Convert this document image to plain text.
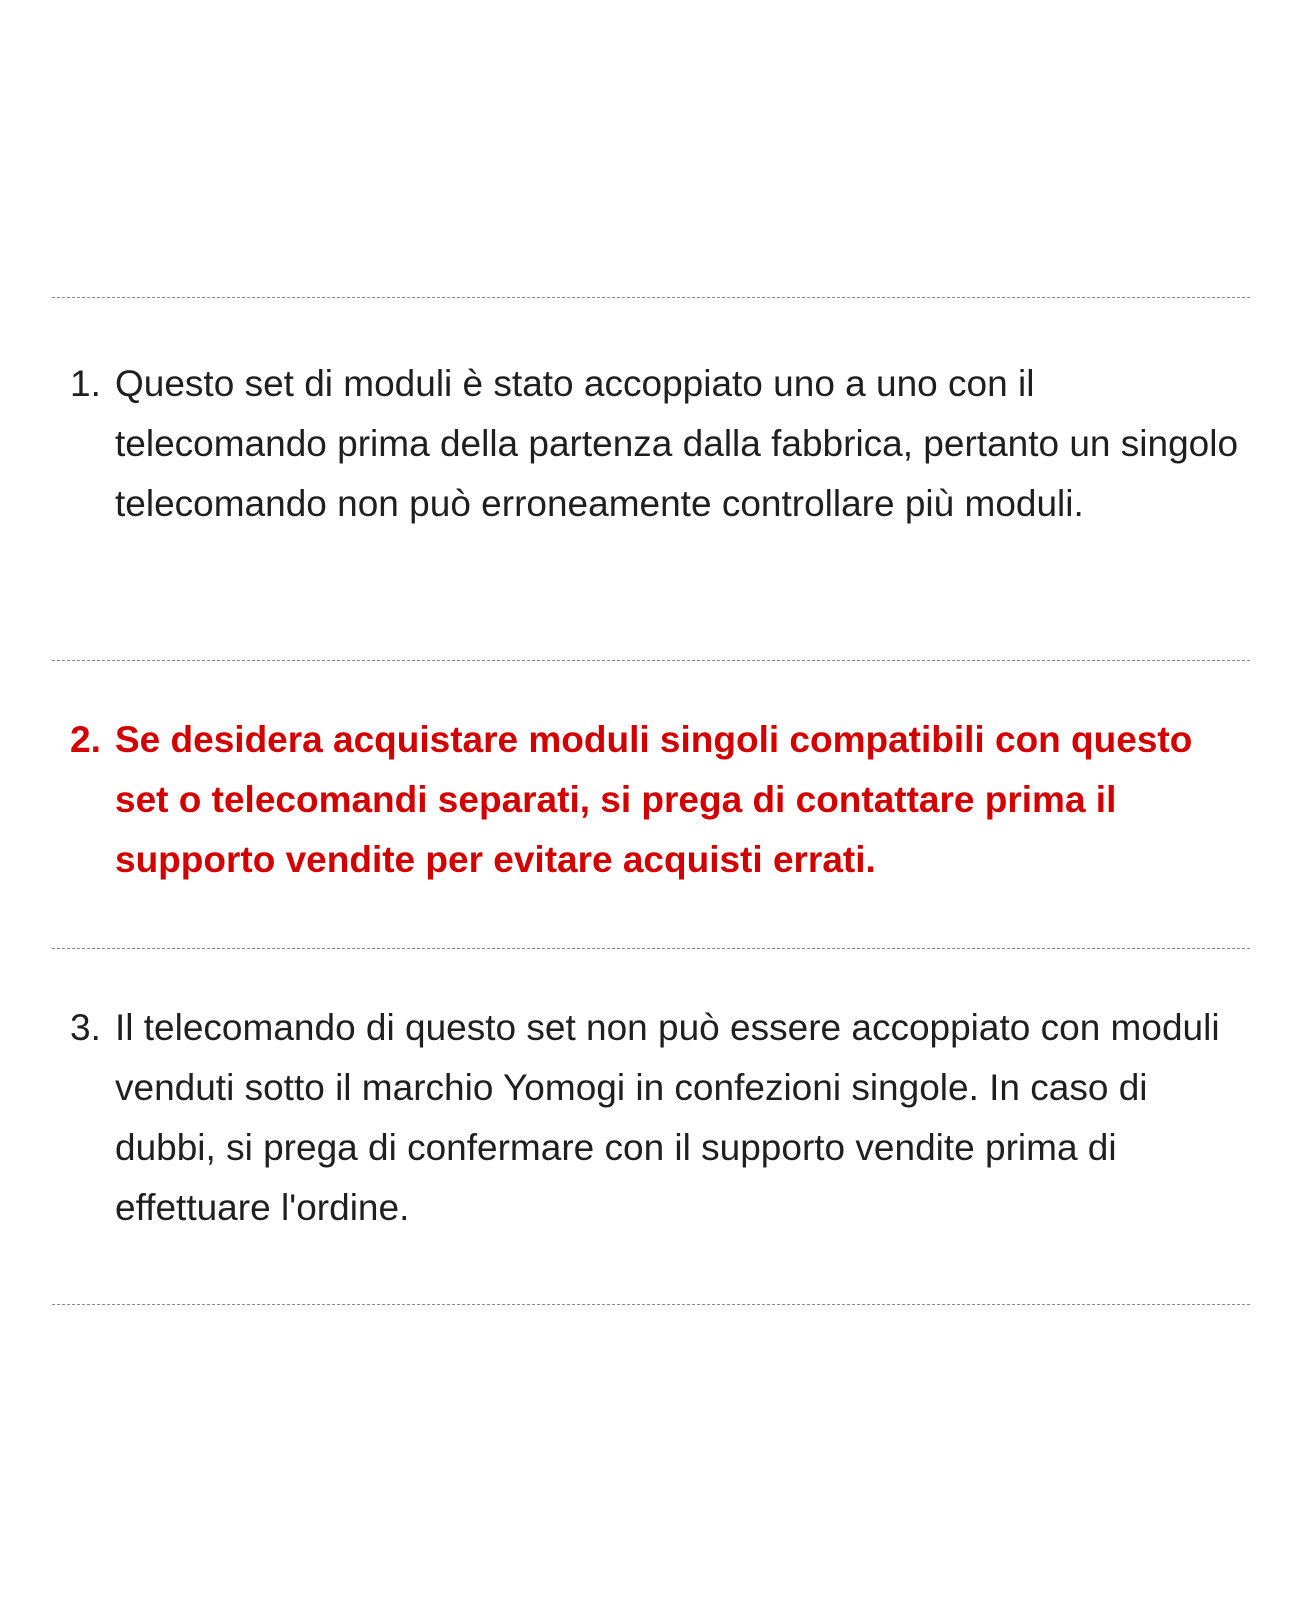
1. Questo set di moduli è stato accoppiato uno a uno con il telecomando prima della partenza dalla fabbrica, pertanto un singolo telecomando non può erroneamente controllare più moduli.
2. Se desidera acquistare moduli singoli compatibili con questo set o telecomandi separati, si prega di contattare prima il supporto vendite per evitare acquisti errati.
3. Il telecomando di questo set non può essere accoppiato con moduli venduti sotto il marchio Yomogi in confezioni singole. In caso di dubbi, si prega di confermare con il supporto vendite prima di effettuare l'ordine.
